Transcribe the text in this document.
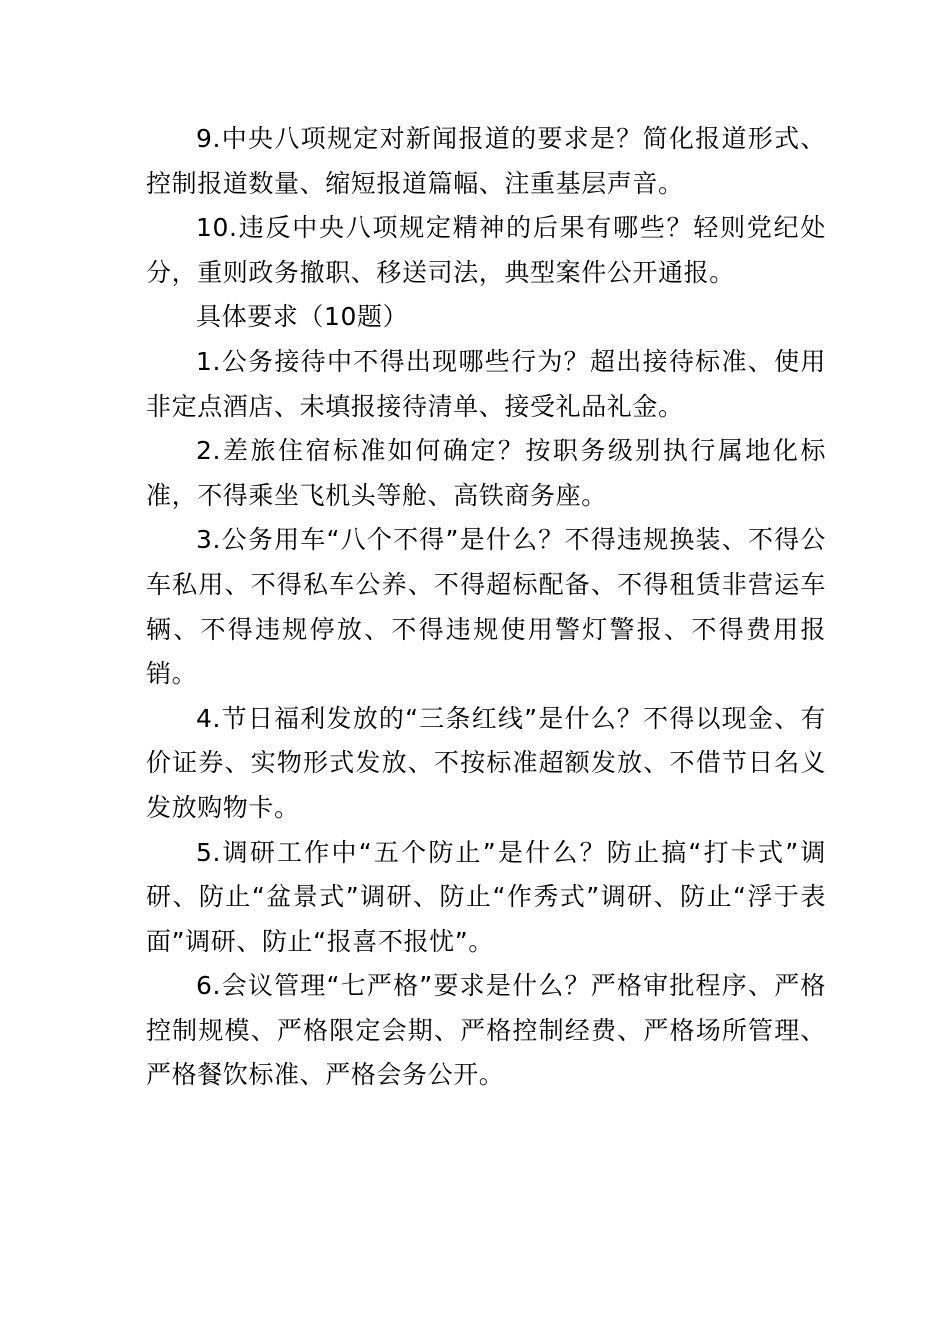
9.中央八项规定对新闻报道的要求是？简化报道形式、控制报道数量、缩短报道篇幅、注重基层声音。

10.违反中央八项规定精神的后果有哪些？轻则党纪处分，重则政务撤职、移送司法，典型案件公开通报。

具体要求（10题）

1.公务接待中不得出现哪些行为？超出接待标准、使用非定点酒店、未填报接待清单、接受礼品礼金。

2.差旅住宿标准如何确定？按职务级别执行属地化标准，不得乘坐飞机头等舱、高铁商务座。

3.公务用车“八个不得”是什么？不得违规换装、不得公车私用、不得私车公养、不得超标配备、不得租赁非营运车辆、不得违规停放、不得违规使用警灯警报、不得费用报销。

4.节日福利发放的“三条红线”是什么？不得以现金、有价证券、实物形式发放、不按标准超额发放、不借节日名义发放购物卡。

5.调研工作中“五个防止”是什么？防止搞“打卡式”调研、防止“盆景式”调研、防止“作秀式”调研、防止“浮于表面”调研、防止“报喜不报忧”。

6.会议管理“七严格”要求是什么？严格审批程序、严格控制规模、严格限定会期、严格控制经费、严格场所管理、严格餐饮标准、严格会务公开。
